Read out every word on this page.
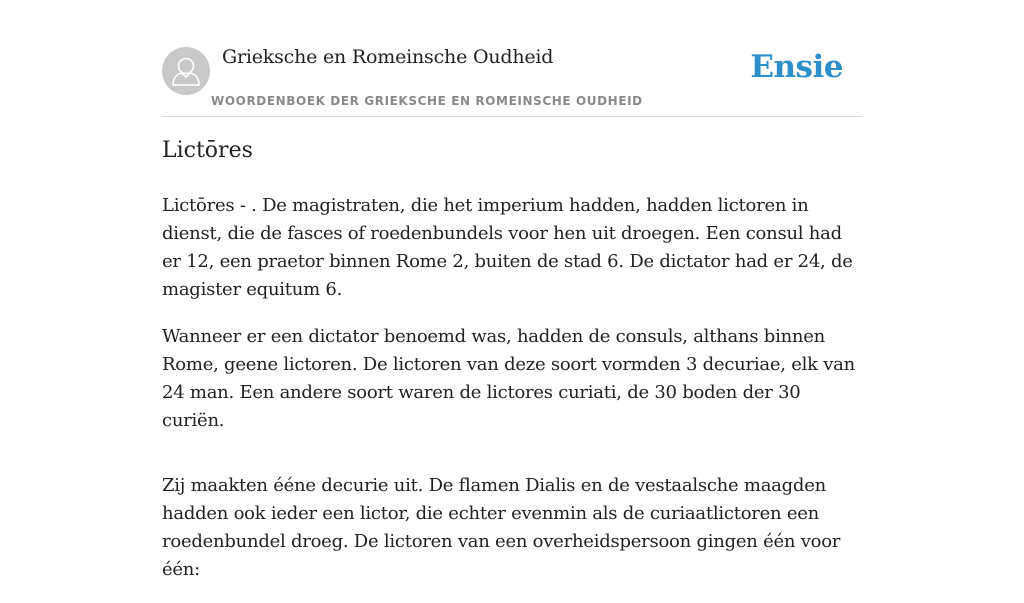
Grieksche en Romeinsche Oudheid
WOORDENBOEK DER GRIEKSCHE EN ROMEINSCHE OUDHEID
Ensie
Lictōres

Lictōres - . De magistraten, die het imperium hadden, hadden lictoren in dienst, die de fasces of roedenbundels voor hen uit droegen. Een consul had er 12, een praetor binnen Rome 2, buiten de stad 6. De dictator had er 24, de magister equitum 6.

Wanneer er een dictator benoemd was, hadden de consuls, althans binnen Rome, geene lictoren. De lictoren van deze soort vormden 3 decuriae, elk van 24 man. Een andere soort waren de lictores curiati, de 30 boden der 30 curiën.

Zij maakten ééne decurie uit. De flamen Dialis en de vestaalsche maagden hadden ook ieder een lictor, die echter evenmin als de curiaatlictoren een roedenbundel droeg. De lictoren van een overheidspersoon gingen één voor één:
